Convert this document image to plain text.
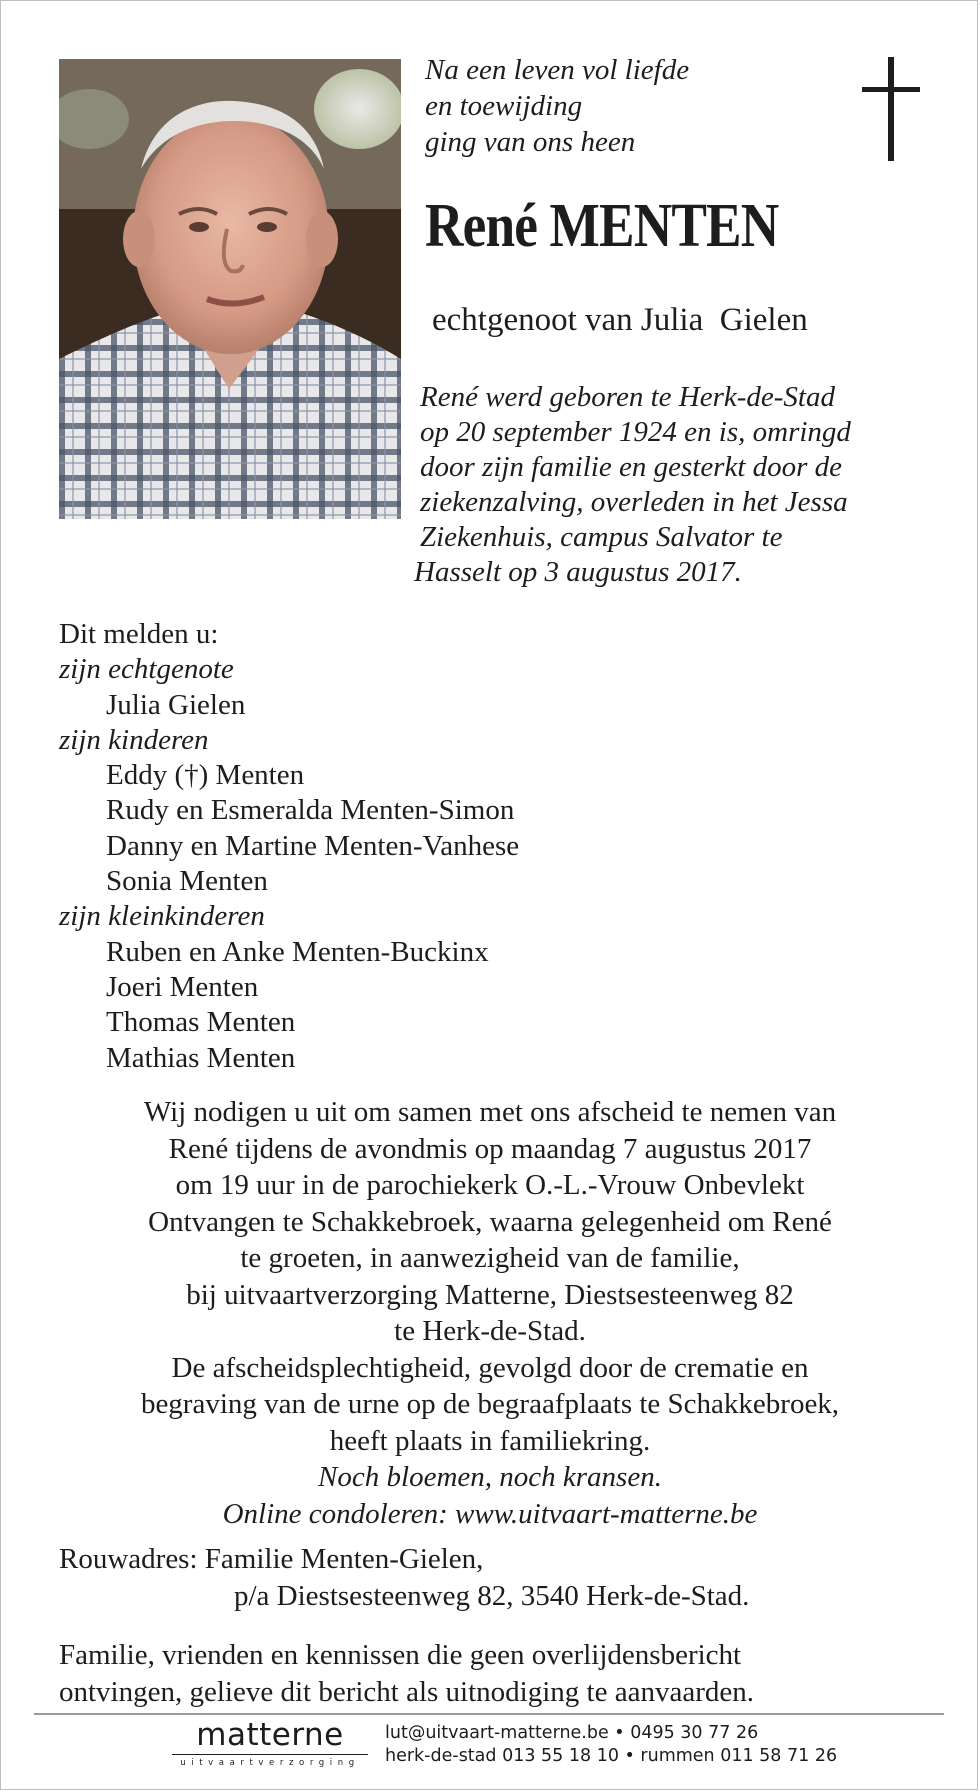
Na een leven vol liefde
en toewijding
ging van ons heen
René MENTEN
echtgenoot van Julia  Gielen
René werd geboren te Herk-de-Stad
op 20 september 1924 en is, omringd
door zijn familie en gesterkt door de
ziekenzalving, overleden in het Jessa
Ziekenhuis, campus Salvator te
Hasselt op 3 augustus 2017.
Dit melden u:
zijn echtgenote
Julia Gielen
zijn kinderen
Eddy (†) Menten
Rudy en Esmeralda Menten-Simon
Danny en Martine Menten-Vanhese
Sonia Menten
zijn kleinkinderen
Ruben en Anke Menten-Buckinx
Joeri Menten
Thomas Menten
Mathias Menten
Wij nodigen u uit om samen met ons afscheid te nemen van
René tijdens de avondmis op maandag 7 augustus 2017
om 19 uur in de parochiekerk O.-L.-Vrouw Onbevlekt
Ontvangen te Schakkebroek, waarna gelegenheid om René
te groeten, in aanwezigheid van de familie,
bij uitvaartverzorging Matterne, Diestsesteenweg 82
te Herk-de-Stad.
De afscheidsplechtigheid, gevolgd door de crematie en
begraving van de urne op de begraafplaats te Schakkebroek,
heeft plaats in familiekring.
Noch bloemen, noch kransen.
Online condoleren: www.uitvaart-matterne.be
Rouwadres: Familie Menten-Gielen,
p/a Diestsesteenweg 82, 3540 Herk-de-Stad.
Familie, vrienden en kennissen die geen overlijdensbericht
ontvingen, gelieve dit bericht als uitnodiging te aanvaarden.
matterne
uitvaartverzorging
lut@uitvaart-matterne.be • 0495 30 77 26
herk-de-stad 013 55 18 10 • rummen 011 58 71 26
